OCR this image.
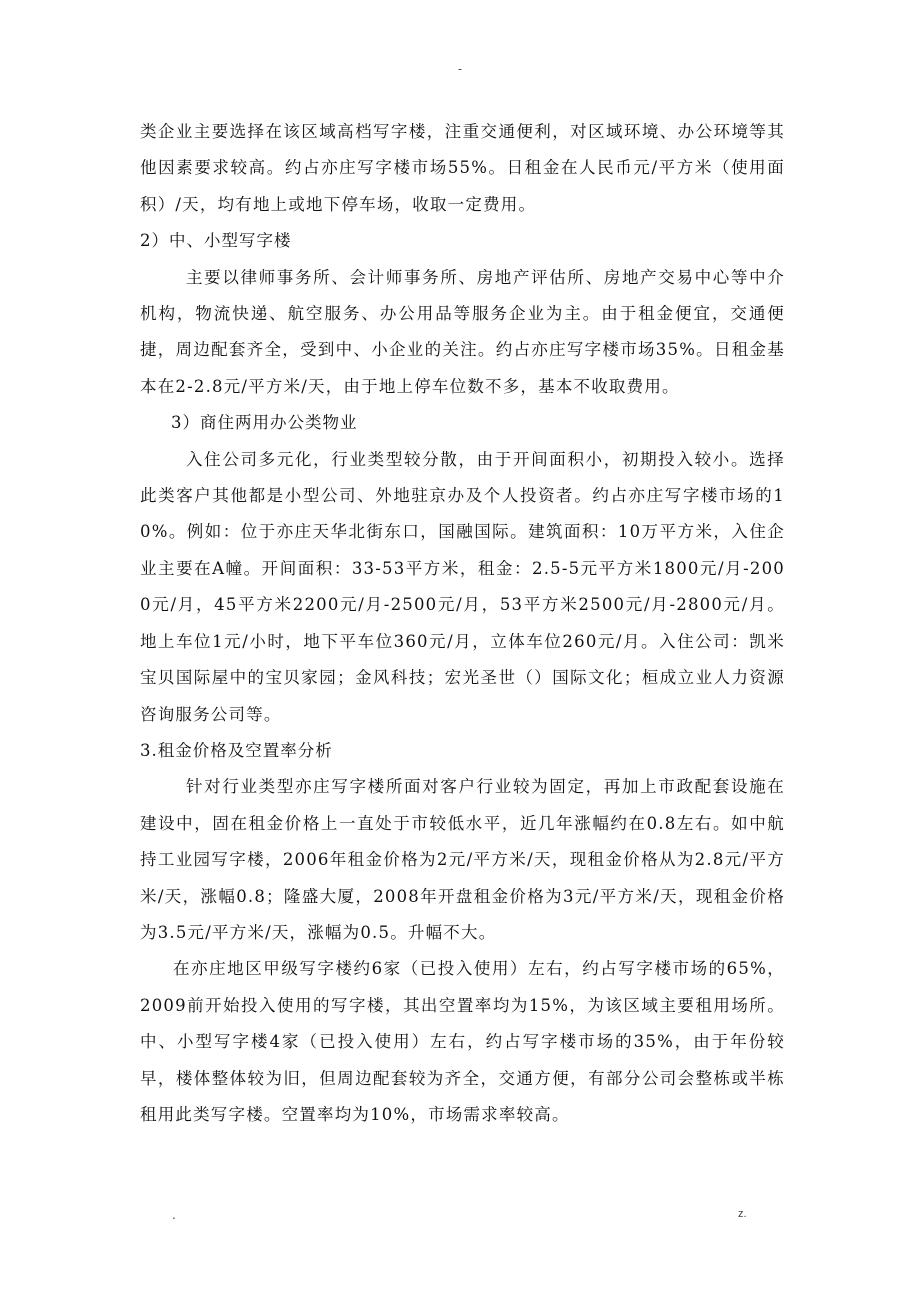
-

类企业主要选择在该区域高档写字楼，注重交通便利，对区域环境、办公环境等其他因素要求较高。约占亦庄写字楼市场55%。日租金在人民币元/平方米（使用面积）/天，均有地上或地下停车场，收取一定费用。

2）中、小型写字楼

主要以律师事务所、会计师事务所、房地产评估所、房地产交易中心等中介机构，物流快递、航空服务、办公用品等服务企业为主。由于租金便宜，交通便捷，周边配套齐全，受到中、小企业的关注。约占亦庄写字楼市场35%。日租金基本在2-2.8元/平方米/天，由于地上停车位数不多，基本不收取费用。

3）商住两用办公类物业

入住公司多元化，行业类型较分散，由于开间面积小，初期投入较小。选择此类客户其他都是小型公司、外地驻京办及个人投资者。约占亦庄写字楼市场的10%。例如：位于亦庄天华北街东口，国融国际。建筑面积：10万平方米，入住企业主要在A幢。开间面积：33-53平方米，租金：2.5-5元平方米1800元/月-2000元/月，45平方米2200元/月-2500元/月，53平方米2500元/月-2800元/月。地上车位1元/小时，地下平车位360元/月，立体车位260元/月。入住公司：凯米宝贝国际屋中的宝贝家园；金风科技；宏光圣世（）国际文化；桓成立业人力资源咨询服务公司等。

3.租金价格及空置率分析

针对行业类型亦庄写字楼所面对客户行业较为固定，再加上市政配套设施在建设中，固在租金价格上一直处于市较低水平，近几年涨幅约在0.8左右。如中航持工业园写字楼，2006年租金价格为2元/平方米/天，现租金价格从为2.8元/平方米/天，涨幅0.8；隆盛大厦，2008年开盘租金价格为3元/平方米/天，现租金价格为3.5元/平方米/天，涨幅为0.5。升幅不大。

在亦庄地区甲级写字楼约6家（已投入使用）左右，约占写字楼市场的65%，2009前开始投入使用的写字楼，其出空置率均为15%，为该区域主要租用场所。中、小型写字楼4家（已投入使用）左右，约占写字楼市场的35%，由于年份较早，楼体整体较为旧，但周边配套较为齐全，交通方便，有部分公司会整栋或半栋租用此类写字楼。空置率均为10%，市场需求率较高。

.	z.
